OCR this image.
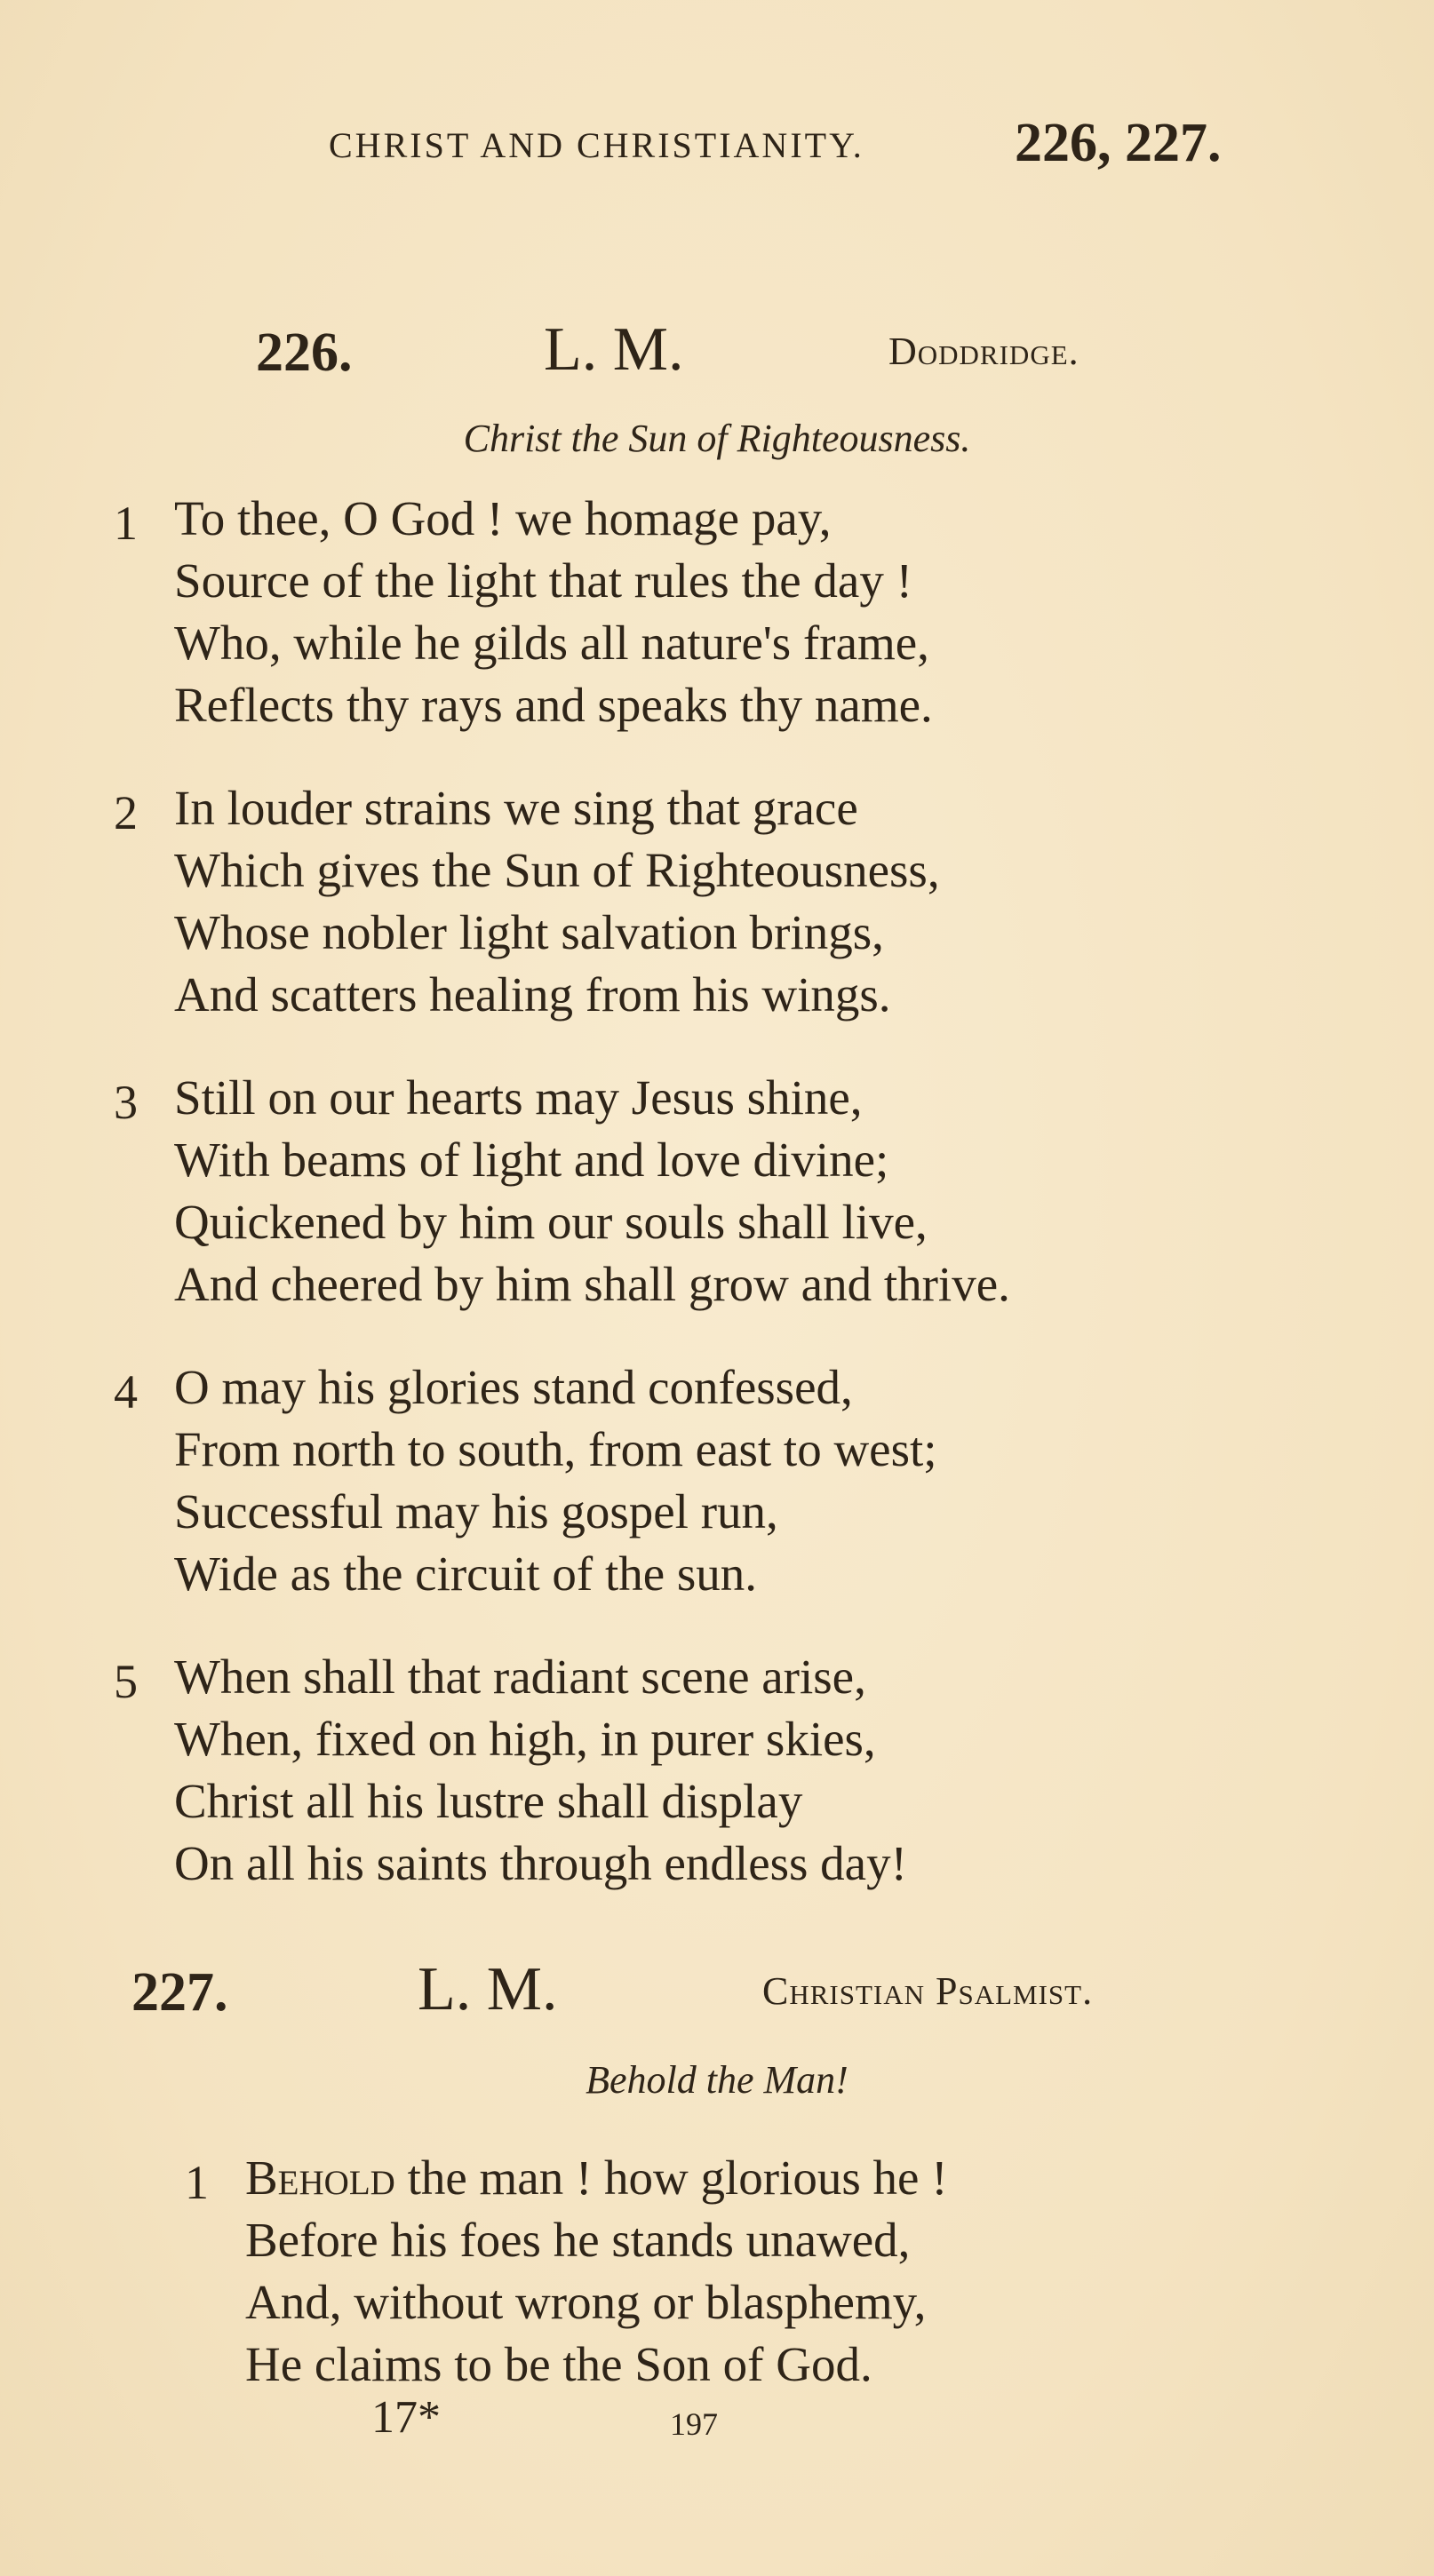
CHRIST AND CHRISTIANITY.	226, 227.
226.	L. M.	Doddridge.
Christ the Sun of Righteousness.
1 To thee, O God ! we homage pay,
Source of the light that rules the day !
Who, while he gilds all nature's frame,
Reflects thy rays and speaks thy name.
2 In louder strains we sing that grace
Which gives the Sun of Righteousness,
Whose nobler light salvation brings,
And scatters healing from his wings.
3 Still on our hearts may Jesus shine,
With beams of light and love divine;
Quickened by him our souls shall live,
And cheered by him shall grow and thrive.
4 O may his glories stand confessed,
From north to south, from east to west;
Successful may his gospel run,
Wide as the circuit of the sun.
5 When shall that radiant scene arise,
When, fixed on high, in purer skies,
Christ all his lustre shall display
On all his saints through endless day!
227.	L. M.	Christian Psalmist.
Behold the Man!
1 Behold the man ! how glorious he !
Before his foes he stands unawed,
And, without wrong or blasphemy,
He claims to be the Son of God.
17*	197
